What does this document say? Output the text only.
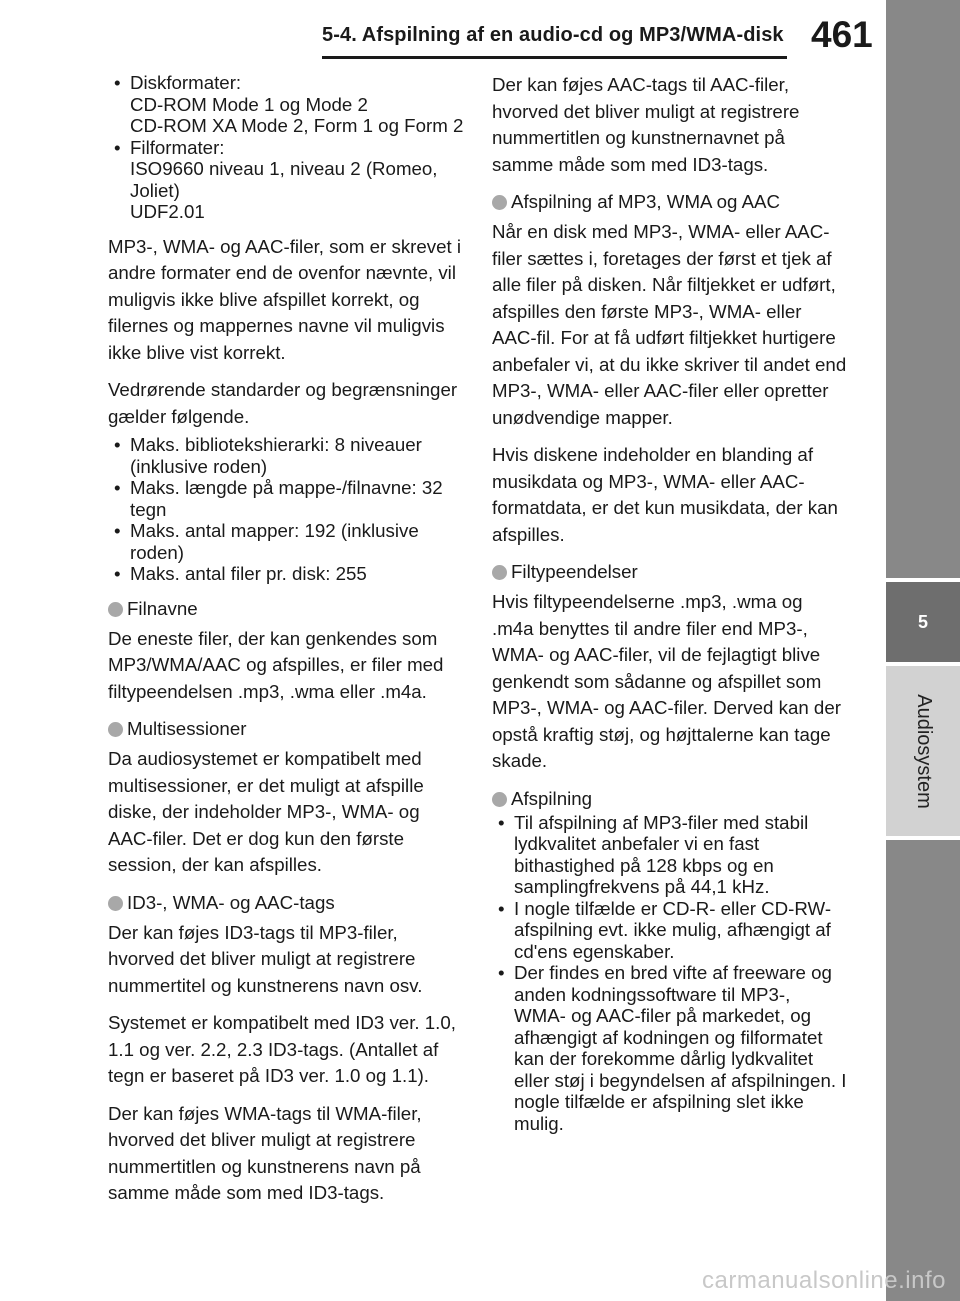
5-4. Afspilning af en audio-cd og MP3/WMA-disk 461
5
Audiosystem
• Diskformater:
CD-ROM Mode 1 og Mode 2
CD-ROM XA Mode 2, Form 1 og Form 2
• Filformater:
ISO9660 niveau 1, niveau 2 (Romeo, Joliet)
UDF2.01

MP3-, WMA- og AAC-filer, som er skrevet i andre formater end de ovenfor nævnte, vil muligvis ikke blive afspillet korrekt, og filernes og mappernes navne vil muligvis ikke blive vist korrekt.

Vedrørende standarder og begrænsninger gælder følgende.

• Maks. bibliotekshierarki: 8 niveauer (inklusive roden)
• Maks. længde på mappe-/filnavne: 32 tegn
• Maks. antal mapper: 192 (inklusive roden)
• Maks. antal filer pr. disk: 255
Filnavne

De eneste filer, der kan genkendes som MP3/WMA/AAC og afspilles, er filer med filtypeendelsen .mp3, .wma eller .m4a.

Multisessioner

Da audiosystemet er kompatibelt med multisessioner, er det muligt at afspille diske, der indeholder MP3-, WMA- og AAC-filer. Det er dog kun den første session, der kan afspilles.

ID3-, WMA- og AAC-tags

Der kan føjes ID3-tags til MP3-filer, hvorved det bliver muligt at registrere nummertitel og kunstnerens navn osv.

Systemet er kompatibelt med ID3 ver. 1.0, 1.1 og ver. 2.2, 2.3 ID3-tags. (Antallet af tegn er baseret på ID3 ver. 1.0 og 1.1).

Der kan føjes WMA-tags til WMA-filer, hvorved det bliver muligt at registrere nummertitlen og kunstnerens navn på samme måde som med ID3-tags.

Der kan føjes AAC-tags til AAC-filer, hvorved det bliver muligt at registrere nummertitlen og kunstnernavnet på samme måde som med ID3-tags.

Afspilning af MP3, WMA og AAC

Når en disk med MP3-, WMA- eller AAC-filer sættes i, foretages der først et tjek af alle filer på disken. Når filtjekket er udført, afspilles den første MP3-, WMA- eller AAC-fil. For at få udført filtjekket hurtigere anbefaler vi, at du ikke skriver til andet end MP3-, WMA- eller AAC-filer eller opretter unødvendige mapper.

Hvis diskene indeholder en blanding af musikdata og MP3-, WMA- eller AAC-formatdata, er det kun musikdata, der kan afspilles.

Filtypeendelser

Hvis filtypeendelserne .mp3, .wma og .m4a benyttes til andre filer end MP3-, WMA- og AAC-filer, vil de fejlagtigt blive genkendt som sådanne og afspillet som MP3-, WMA- og AAC-filer. Derved kan der opstå kraftig støj, og højttalerne kan tage skade.

Afspilning
• Til afspilning af MP3-filer med stabil lydkvalitet anbefaler vi en fast bithastighed på 128 kbps og en samplingfrekvens på 44,1 kHz.
• I nogle tilfælde er CD-R- eller CD-RW-afspilning evt. ikke mulig, afhængigt af cd'ens egenskaber.
• Der findes en bred vifte af freeware og anden kodningssoftware til MP3-, WMA- og AAC-filer på markedet, og afhængigt af kodningen og filformatet kan der forekomme dårlig lydkvalitet eller støj i begyndelsen af afspilningen. I nogle tilfælde er afspilning slet ikke mulig.
carmanualsonline.info
